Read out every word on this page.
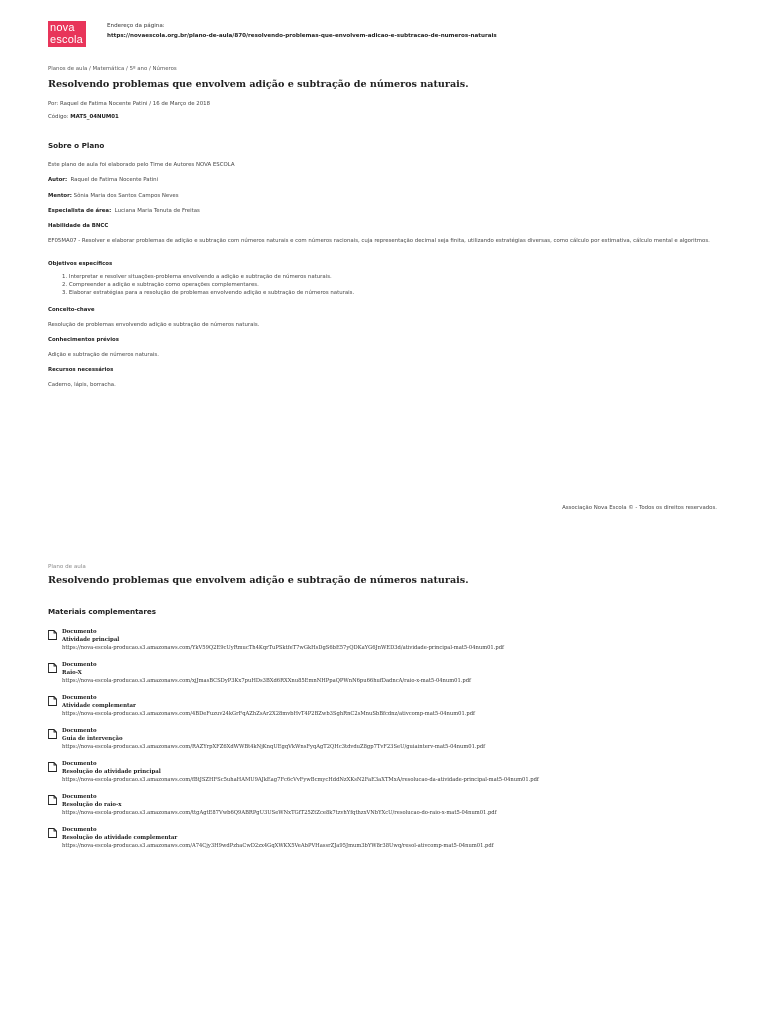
nova
escola
Endereço da página:
https://novaescola.org.br/plano-de-aula/870/resolvendo-problemas-que-envolvem-adicao-e-subtracao-de-numeros-naturais
Planos de aula / Matemática / 5º ano / Números
Resolvendo problemas que envolvem adição e subtração de números naturais.
Por: Raquel de Fatima Nocente Patini / 16 de Março de 2018
Código: MAT5_04NUM01
Sobre o Plano
Este plano de aula foi elaborado pelo Time de Autores NOVA ESCOLA
Autor: Raquel de Fatima Nocente Patini
Mentor: Sônia Maria dos Santos Campos Neves
Especialista de área: Luciana Maria Tenuta de Freitas
Habilidade da BNCC
EF05MA07 - Resolver e elaborar problemas de adição e subtração com números naturais e com números racionais, cuja representação decimal seja finita, utilizando estratégias diversas, como cálculo por estimativa, cálculo mental e algoritmos.
Objetivos específicos
1. Interpretar e resolver situações-problema envolvendo a adição e subtração de números naturais.
2. Compreender a adição e subtração como operações complementares.
3. Elaborar estratégias para a resolução de problemas envolvendo adição e subtração de números naturais.
Conceito-chave
Resolução de problemas envolvendo adição e subtração de números naturais.
Conhecimentos prévios
Adição e subtração de números naturais.
Recursos necessários
Caderno, lápis, borracha.
Associação Nova Escola © - Todos os direitos reservados.
Plano de aula
Resolvendo problemas que envolvem adição e subtração de números naturais.
Materiais complementares
Documento
Atividade principal
https://nova-escola-producao.s3.amazonaws.com/YkV59Q2E9cUyRmucTh4KqrTuPSktfeT7wGkHsDgS6bE57yQDKaYG6JnWED3d/atividade-principal-mat5-04num01.pdf
Documento
Raio-X
https://nova-escola-producao.s3.amazonaws.com/xjJmasBCSDyP3Kx7puHDs3BXd6RXXnu85EmnNHPpaQPWnN6pu66hufDadncA/raio-x-mat5-04num01.pdf
Documento
Atividade complementar
https://nova-escola-producao.s3.amazonaws.com/4BDeFuzuv24kGrFqAZhZsAr2X28mvbHvT4P2BZwb3SghRnC2sMnuSbBfcdnz/ativcomp-mat5-04num01.pdf
Documento
Guia de intervenção
https://nova-escola-producao.s3.amazonaws.com/RAZYrpXFZ6XdWWBt4kNjKnqUEgqVkWnsFyqAgT2QHc3tdvduZ8gp7TvF23SeU/guiainterv-mat5-04num01.pdf
Documento
Resolução do atividade principal
https://nova-escola-producao.s3.amazonaws.com/fBtJSZHFSc5uhaHAMU9AJkEag7Fc6cVvFywBcmycHddNzXKsN2FaE3aXTMxA/resolucao-da-atividade-principal-mat5-04num01.pdf
Documento
Resolução do raio-x
https://nova-escola-producao.s3.amazonaws.com/ttgAgtE87Vwb6Q9ABRPgU3USeWNxTGfT25ZtZce8k7tzvhYfqthzxVNbYXcU/resolucao-do-raio-x-mat5-04num01.pdf
Documento
Resolução do atividade complementar
https://nova-escola-producao.s3.amazonaws.com/A74Cjy3H9wdPzhaCwD2zx4GqXWKX5VeAbPVHassrZJa95Jmum3bYW8r38Uwq/resol-ativcomp-mat5-04num01.pdf
